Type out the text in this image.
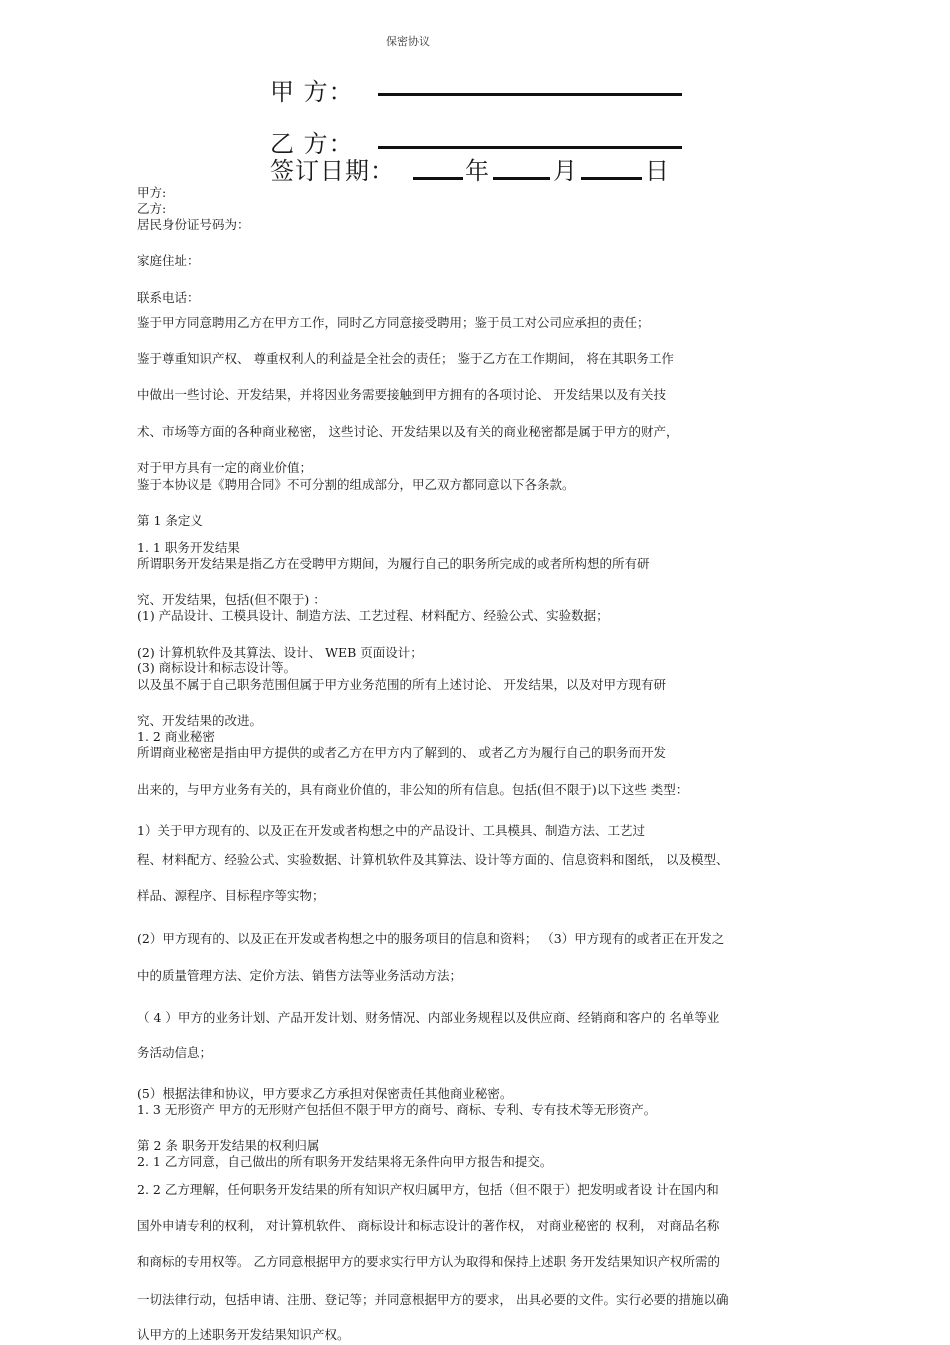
保密协议
甲 方：
乙 方：
签订日期：	年	月	日
甲方:
乙方:
居民身份证号码为：
家庭住址：
联系电话：
鉴于甲方同意聘用乙方在甲方工作，同时乙方同意接受聘用；鉴于员工对公司应承担的责任；
鉴于尊重知识产权、 尊重权利人的利益是全社会的责任； 鉴于乙方在工作期间， 将在其职务工作
中做出一些讨论、开发结果，并将因业务需要接触到甲方拥有的各项讨论、 开发结果以及有关技
术、市场等方面的各种商业秘密， 这些讨论、开发结果以及有关的商业秘密都是属于甲方的财产，
对于甲方具有一定的商业价值；
鉴于本协议是《聘用合同》不可分割的组成部分，甲乙双方都同意以下各条款。
第 1 条定义
1. 1 职务开发结果
所谓职务开发结果是指乙方在受聘甲方期间，为履行自己的职务所完成的或者所构想的所有研
究、开发结果，包括(但不限于) ：
(1) 产品设计、工模具设计、制造方法、工艺过程、材料配方、经验公式、实验数据；
(2) 计算机软件及其算法、设计、 WEB 页面设计；
(3) 商标设计和标志设计等。
以及虽不属于自己职务范围但属于甲方业务范围的所有上述讨论、 开发结果，以及对甲方现有研
究、开发结果的改进。
1. 2 商业秘密
所谓商业秘密是指由甲方提供的或者乙方在甲方内了解到的、 或者乙方为履行自己的职务而开发
出来的，与甲方业务有关的，具有商业价值的，非公知的所有信息。包括(但不限于)以下这些 类型：
1）关于甲方现有的、以及正在开发或者构想之中的产品设计、工具模具、制造方法、工艺过
程、材料配方、经验公式、实验数据、计算机软件及其算法、设计等方面的、信息资料和图纸， 以及模型、
样品、源程序、目标程序等实物；
(2）甲方现有的、以及正在开发或者构想之中的服务项目的信息和资料； （3）甲方现有的或者正在开发之
中的质量管理方法、定价方法、销售方法等业务活动方法；
（ 4 ）甲方的业务计划、产品开发计划、财务情况、内部业务规程以及供应商、经销商和客户的 名单等业
务活动信息；
(5）根据法律和协议，甲方要求乙方承担对保密责任其他商业秘密。
1. 3 无形资产 甲方的无形财产包括但不限于甲方的商号、商标、专利、专有技术等无形资产。
第 2 条 职务开发结果的权利归属
2. 1 乙方同意，自己做出的所有职务开发结果将无条件向甲方报告和提交。
2. 2 乙方理解，任何职务开发结果的所有知识产权归属甲方，包括（但不限于）把发明或者设 计在国内和
国外申请专利的权利， 对计算机软件、 商标设计和标志设计的著作权， 对商业秘密的 权利， 对商品名称
和商标的专用权等。 乙方同意根据甲方的要求实行甲方认为取得和保持上述职 务开发结果知识产权所需的
一切法律行动，包括申请、注册、登记等；并同意根据甲方的要求， 出具必要的文件。实行必要的措施以确
认甲方的上述职务开发结果知识产权。
